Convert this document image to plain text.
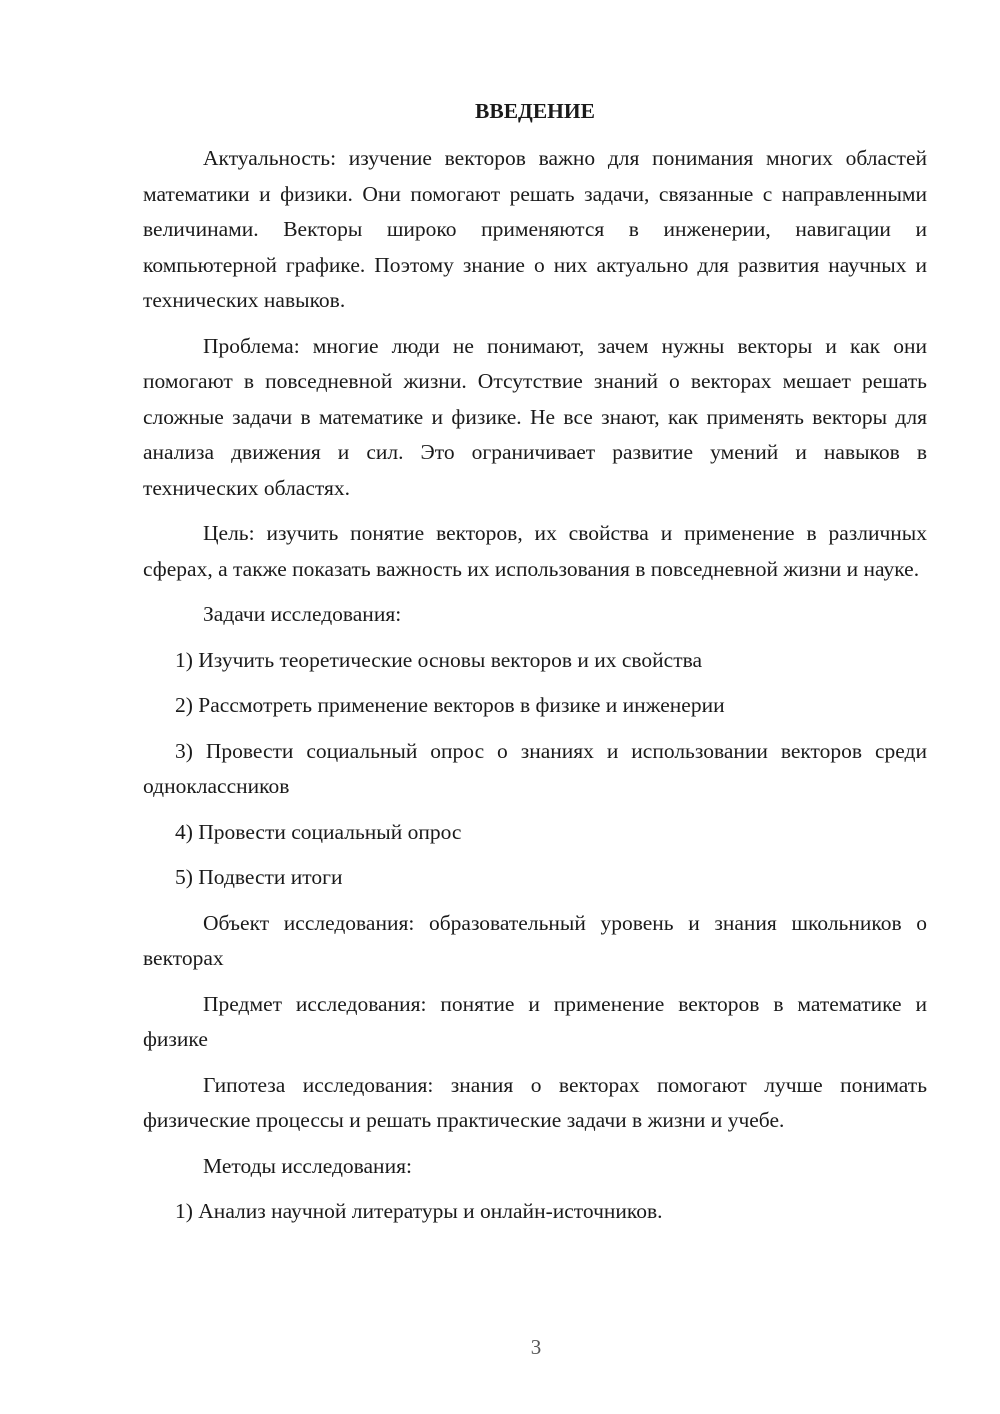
ВВЕДЕНИЕ

Актуальность: изучение векторов важно для понимания многих областей математики и физики. Они помогают решать задачи, связанные с направленными величинами. Векторы широко применяются в инженерии, навигации и компьютерной графике. Поэтому знание о них актуально для развития научных и технических навыков.

Проблема: многие люди не понимают, зачем нужны векторы и как они помогают в повседневной жизни. Отсутствие знаний о векторах мешает решать сложные задачи в математике и физике. Не все знают, как применять векторы для анализа движения и сил. Это ограничивает развитие умений и навыков в технических областях.

Цель: изучить понятие векторов, их свойства и применение в различных сферах, а также показать важность их использования в повседневной жизни и науке.

Задачи исследования:
1) Изучить теоретические основы векторов и их свойства
2) Рассмотреть применение векторов в физике и инженерии

3) Провести социальный опрос о знаниях и использовании векторов среди одноклассников

4) Провести социальный опрос
5) Подвести итоги

Объект исследования: образовательный уровень и знания школьников о векторах

Предмет исследования: понятие и применение векторов в математике и физике

Гипотеза исследования: знания о векторах помогают лучше понимать физические процессы и решать практические задачи в жизни и учебе.

Методы исследования:
1) Анализ научной литературы и онлайн-источников.
3
